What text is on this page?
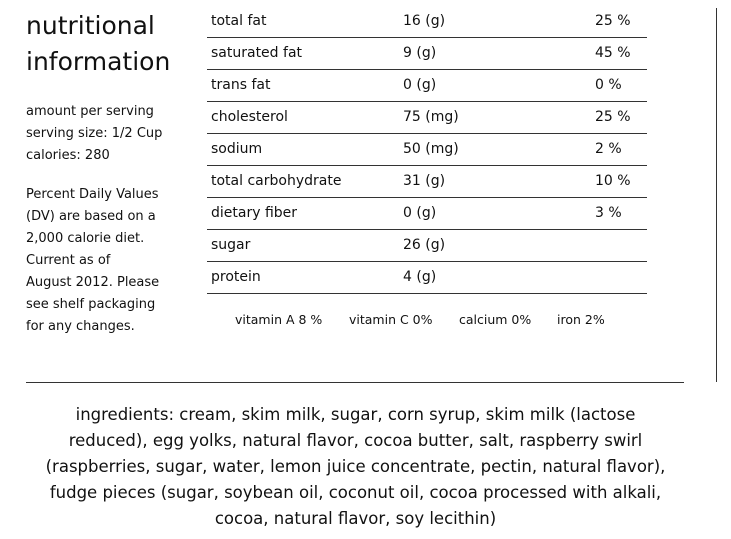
nutritional
information
amount per serving
serving size: 1/2 Cup
calories: 280
Percent Daily Values
(DV) are based on a
2,000 calorie diet.
Current as of
August 2012. Please
see shelf packaging
for any changes.
total fat	16 (g)	25 %
saturated fat	9 (g)	45 %
trans fat	0 (g)	0 %
cholesterol	75 (mg)	25 %
sodium	50 (mg)	2 %
total carbohydrate	31 (g)	10 %
dietary fiber	0 (g)	3 %
sugar	26 (g)
protein	4 (g)
vitamin A 8 % vitamin C 0% calcium 0% iron 2%
ingredients: cream, skim milk, sugar, corn syrup, skim milk (lactose
reduced), egg yolks, natural flavor, cocoa butter, salt, raspberry swirl
(raspberries, sugar, water, lemon juice concentrate, pectin, natural flavor),
fudge pieces (sugar, soybean oil, coconut oil, cocoa processed with alkali,
cocoa, natural flavor, soy lecithin)
